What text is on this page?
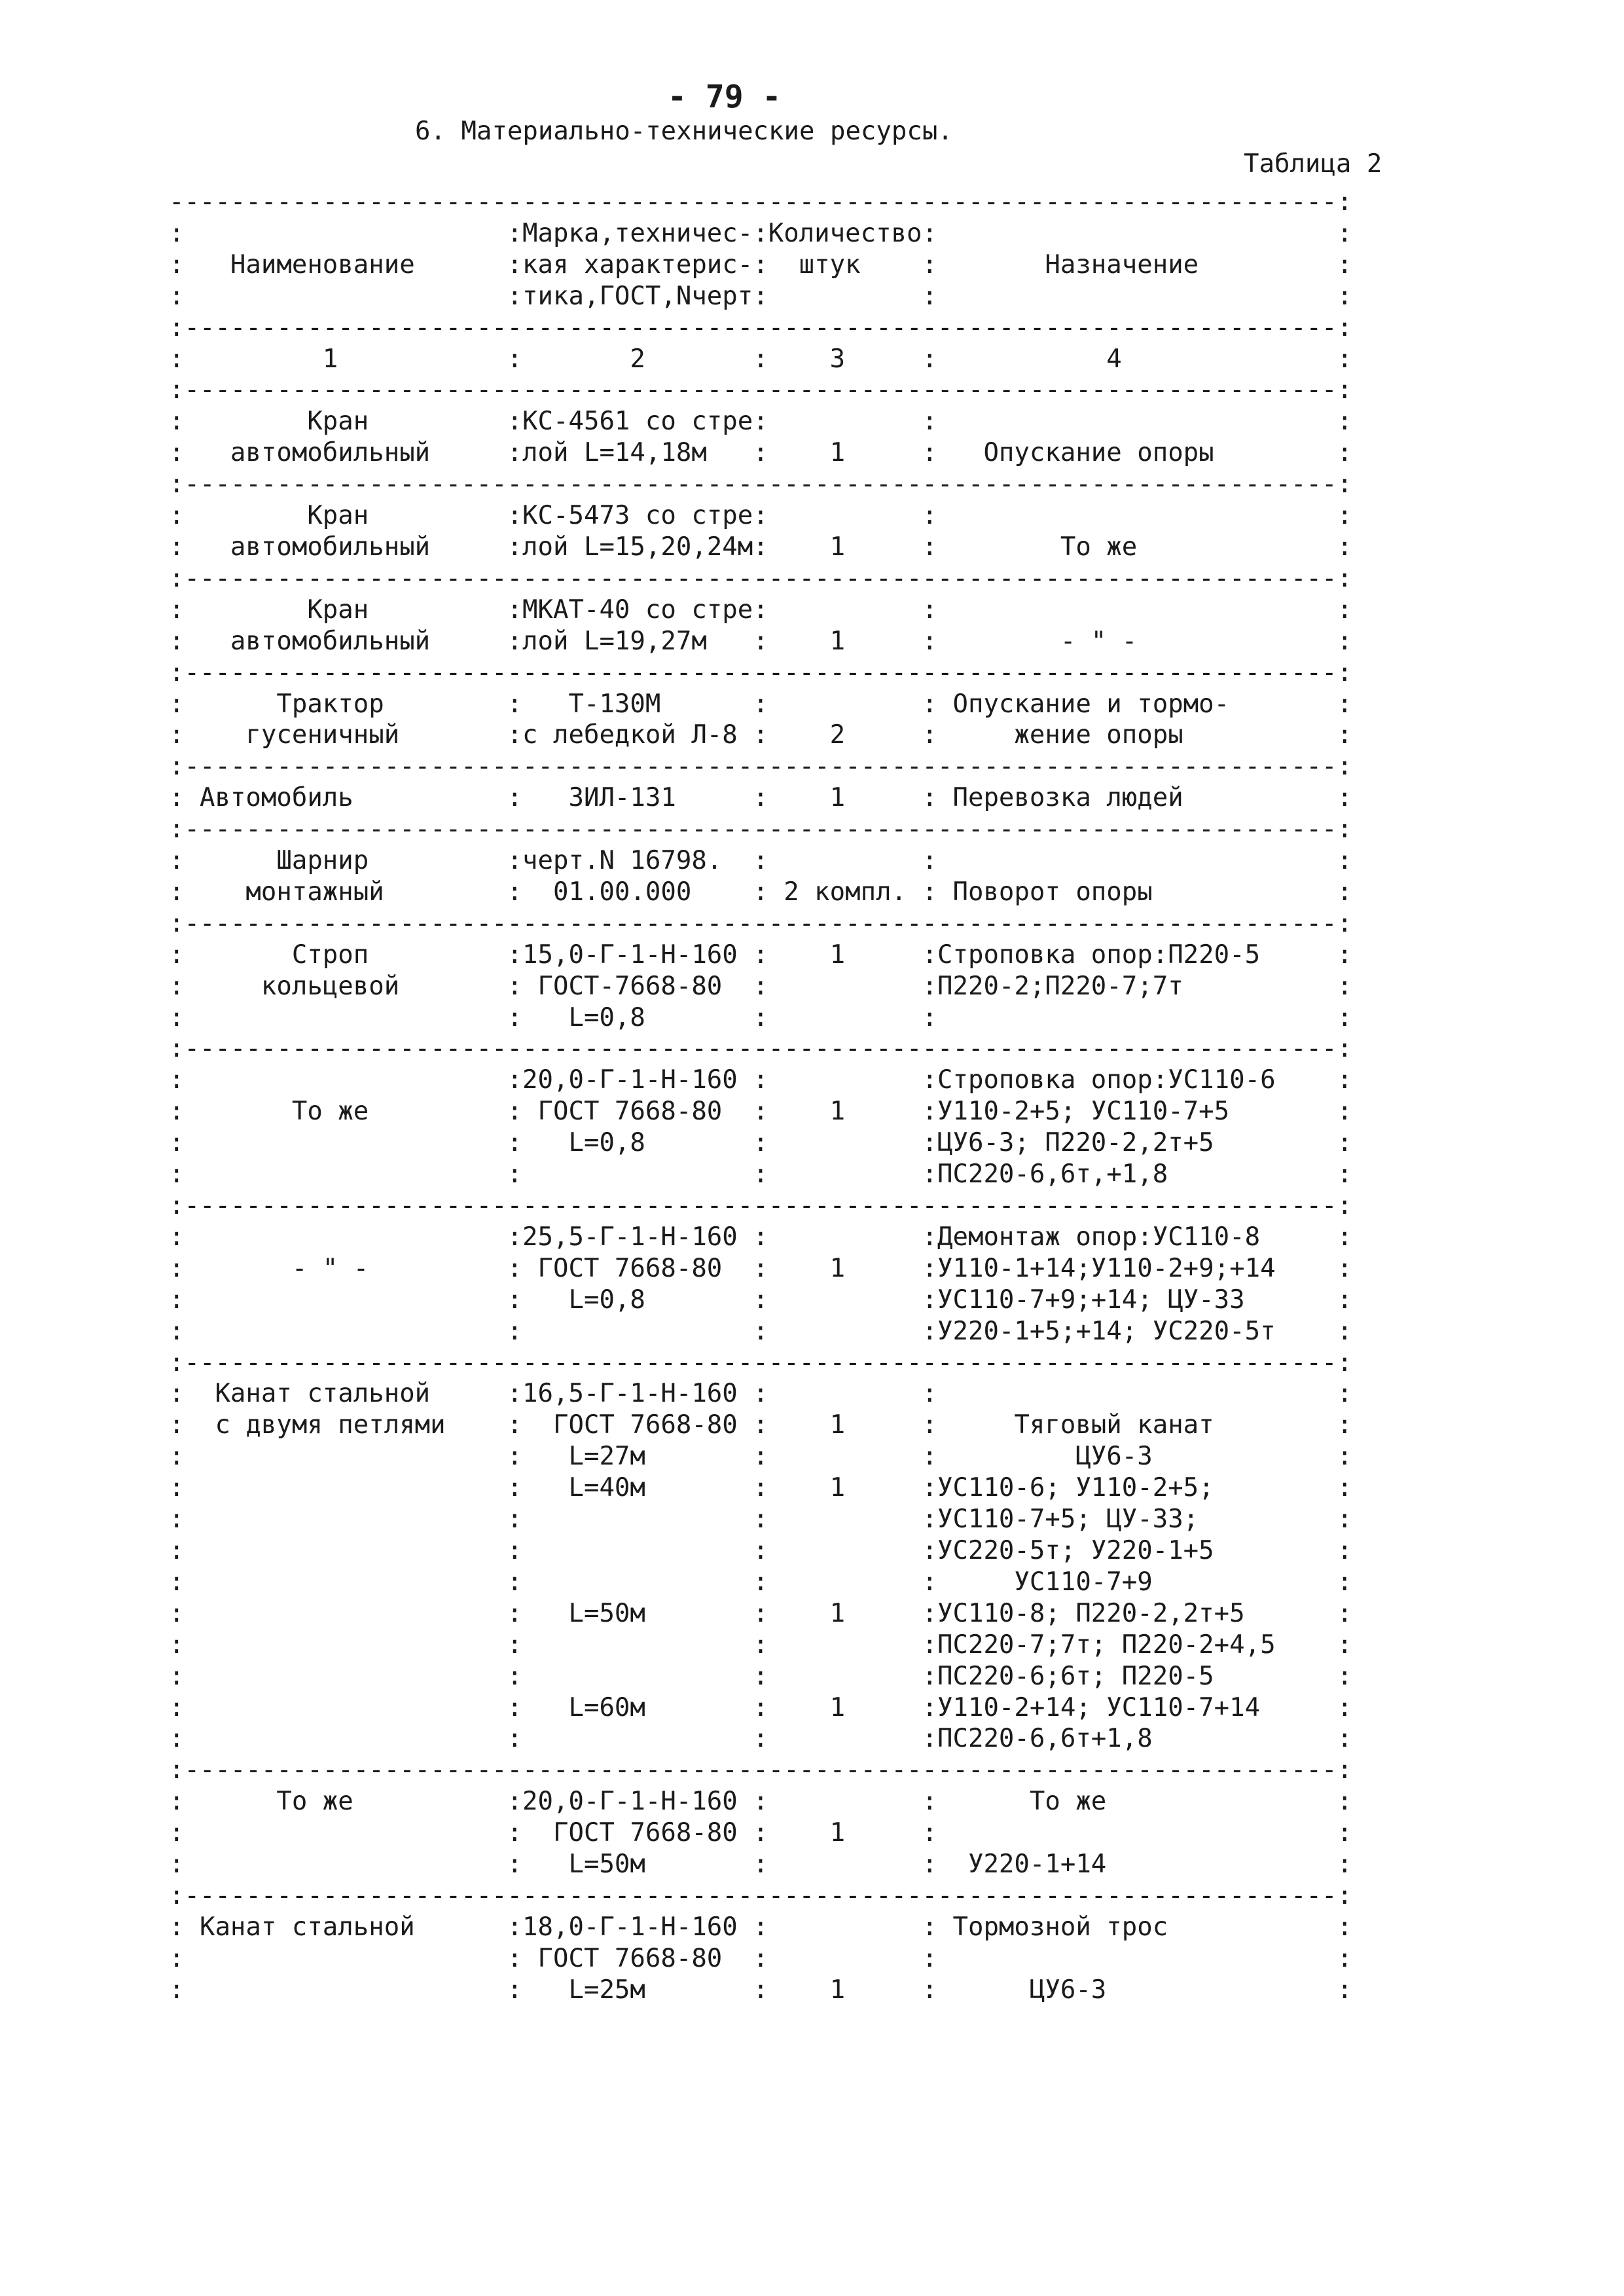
- 79 -
6. Материально-технические ресурсы.
Таблица 2
----------------------------------------------------------------------------:
:                     :Марка,техничес-:Количество:                          :
:   Наименование      :кая характерис-:  штук    :       Назначение         :
:                     :тика,ГОСТ,Nчерт:          :                          :
:---------------------------------------------------------------------------:
:         1           :       2       :    3     :           4              :
:---------------------------------------------------------------------------:
:        Кран         :КС-4561 со стре:          :                          :
:   автомобильный     :лой L=14,18м   :    1     :   Опускание опоры        :
:---------------------------------------------------------------------------:
:        Кран         :КС-5473 со стре:          :                          :
:   автомобильный     :лой L=15,20,24м:    1     :        То же             :
:---------------------------------------------------------------------------:
:        Кран         :МКАТ-40 со стре:          :                          :
:   автомобильный     :лой L=19,27м   :    1     :        - " -             :
:---------------------------------------------------------------------------:
:      Трактор        :   Т-130М      :          : Опускание и тормо-       :
:    гусеничный       :с лебедкой Л-8 :    2     :     жение опоры          :
:---------------------------------------------------------------------------:
: Автомобиль          :   ЗИЛ-131     :    1     : Перевозка людей          :
:---------------------------------------------------------------------------:
:      Шарнир         :черт.N 16798.  :          :                          :
:    монтажный        :  01.00.000    : 2 компл. : Поворот опоры            :
:---------------------------------------------------------------------------:
:       Строп         :15,0-Г-1-Н-160 :    1     :Строповка опор:П220-5     :
:     кольцевой       : ГОСТ-7668-80  :          :П220-2;П220-7;7т          :
:                     :   L=0,8       :          :                          :
:---------------------------------------------------------------------------:
:                     :20,0-Г-1-Н-160 :          :Строповка опор:УС110-6    :
:       То же         : ГОСТ 7668-80  :    1     :У110-2+5; УС110-7+5       :
:                     :   L=0,8       :          :ЦУ6-3; П220-2,2т+5        :
:                     :               :          :ПС220-6,6т,+1,8           :
:---------------------------------------------------------------------------:
:                     :25,5-Г-1-Н-160 :          :Демонтаж опор:УС110-8     :
:       - " -         : ГОСТ 7668-80  :    1     :У110-1+14;У110-2+9;+14    :
:                     :   L=0,8       :          :УС110-7+9;+14; ЦУ-33      :
:                     :               :          :У220-1+5;+14; УС220-5т    :
:---------------------------------------------------------------------------:
:  Канат стальной     :16,5-Г-1-Н-160 :          :                          :
:  с двумя петлями    :  ГОСТ 7668-80 :    1     :     Тяговый канат        :
:                     :   L=27м       :          :         ЦУ6-3            :
:                     :   L=40м       :    1     :УС110-6; У110-2+5;        :
:                     :               :          :УС110-7+5; ЦУ-33;         :
:                     :               :          :УС220-5т; У220-1+5        :
:                     :               :          :     УС110-7+9            :
:                     :   L=50м       :    1     :УС110-8; П220-2,2т+5      :
:                     :               :          :ПС220-7;7т; П220-2+4,5    :
:                     :               :          :ПС220-6;6т; П220-5        :
:                     :   L=60м       :    1     :У110-2+14; УС110-7+14     :
:                     :               :          :ПС220-6,6т+1,8            :
:---------------------------------------------------------------------------:
:      То же          :20,0-Г-1-Н-160 :          :      То же               :
:                     :  ГОСТ 7668-80 :    1     :                          :
:                     :   L=50м       :          :  У220-1+14               :
:---------------------------------------------------------------------------:
: Канат стальной      :18,0-Г-1-Н-160 :          : Тормозной трос           :
:                     : ГОСТ 7668-80  :          :                          :
:                     :   L=25м       :    1     :      ЦУ6-3               :
